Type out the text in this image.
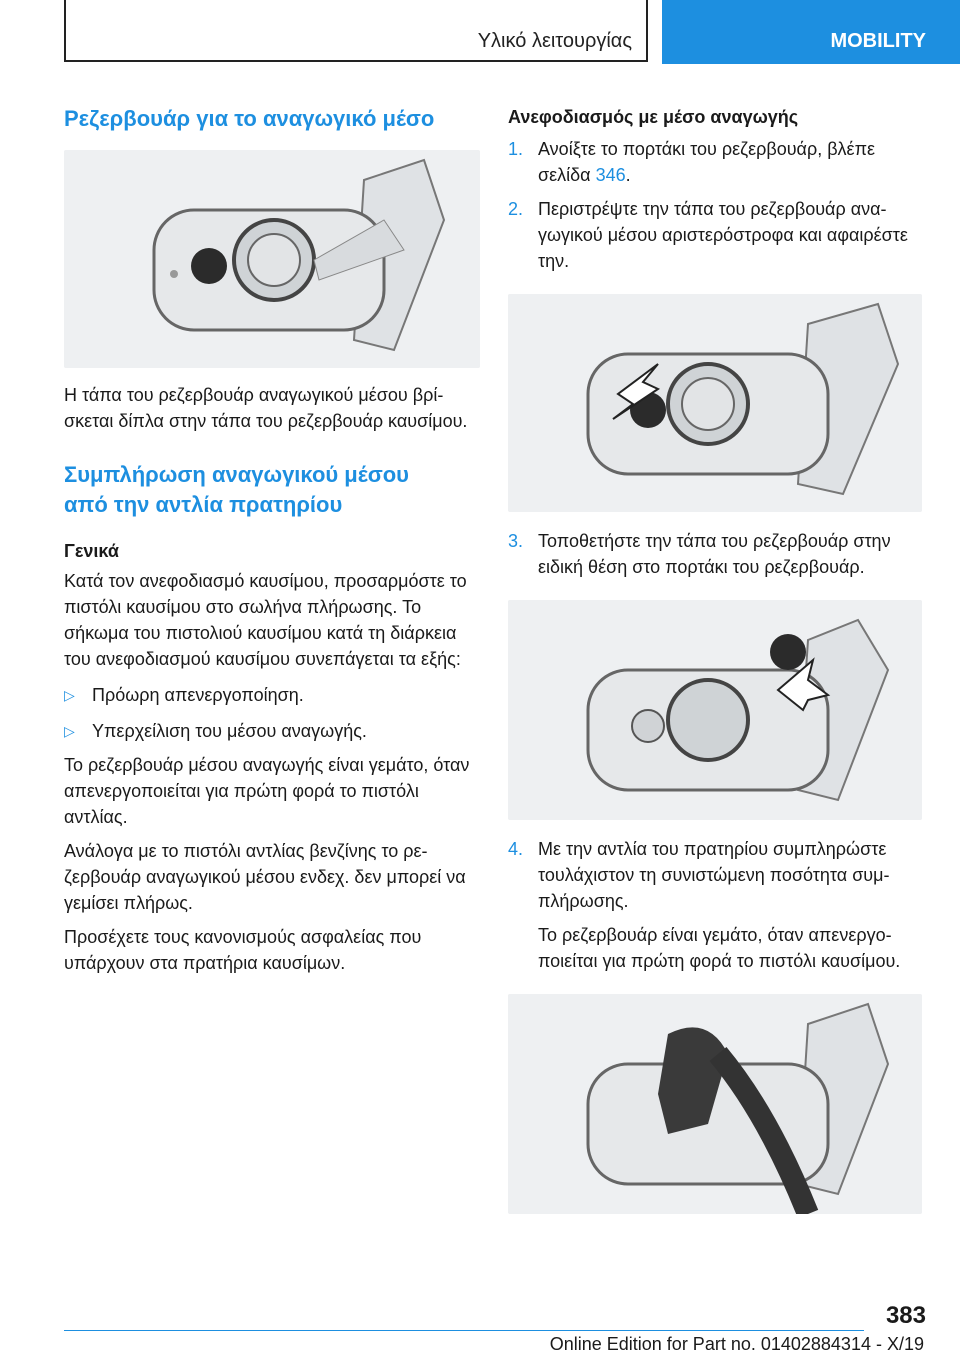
Υλικό λειτουργίας	MOBILITY
Ρεζερβουάρ για το αναγωγικό μέσο

Η τάπα του ρεζερβουάρ αναγωγικού μέσου βρίσκεται δίπλα στην τάπα του ρεζερβουάρ καυσίμου.

Συμπλήρωση αναγωγικού μέσου
από την αντλία πρατηρίου
Γενικά

Κατά τον ανεφοδιασμό καυσίμου, προσαρμόστε το πιστόλι καυσίμου στο σωλήνα πλήρωσης. Το σήκωμα του πιστολιού καυσίμου κατά τη διάρκεια του ανεφοδιασμού καυσίμου συνεπάγεται τα εξής:

▷ Πρόωρη απενεργοποίηση.
▷ Υπερχείλιση του μέσου αναγωγής.

Το ρεζερβουάρ μέσου αναγωγής είναι γεμάτο, όταν απενεργοποιείται για πρώτη φορά το πιστόλι αντλίας.

Ανάλογα με το πιστόλι αντλίας βενζίνης το ρεζερβουάρ αναγωγικού μέσου ενδεχ. δεν μπορεί να γεμίσει πλήρως.

Προσέχετε τους κανονισμούς ασφαλείας που υπάρχουν στα πρατήρια καυσίμων.

Ανεφοδιασμός με μέσο αναγωγής
1. Ανοίξτε το πορτάκι του ρεζερβουάρ, βλέπε σελίδα 346.
2. Περιστρέψτε την τάπα του ρεζερβουάρ αναγωγικού μέσου αριστερόστροφα και αφαιρέστε την.
3. Τοποθετήστε την τάπα του ρεζερβουάρ στην ειδική θέση στο πορτάκι του ρεζερβουάρ.
4. Με την αντλία του πρατηρίου συμπληρώστε τουλάχιστον τη συνιστώμενη ποσότητα συμπλήρωσης.

Το ρεζερβουάρ είναι γεμάτο, όταν απενεργοποιείται για πρώτη φορά το πιστόλι καυσίμου.

383
Online Edition for Part no. 01402884314 - X/19
